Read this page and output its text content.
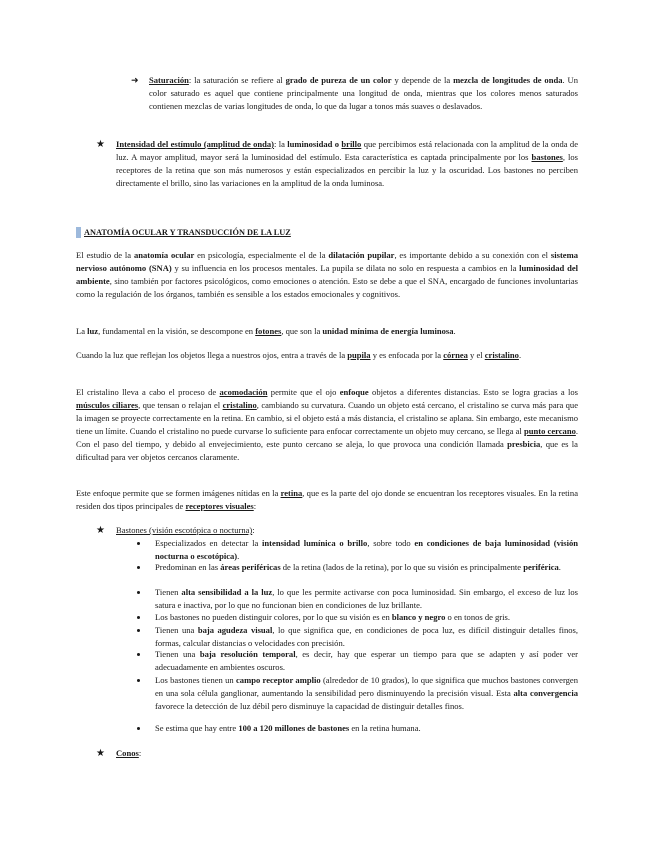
➜ Saturación: la saturación se refiere al grado de pureza de un color y depende de la mezcla de longitudes de onda. Un color saturado es aquel que contiene principalmente una longitud de onda, mientras que los colores menos saturados contienen mezclas de varias longitudes de onda, lo que da lugar a tonos más suaves o deslavados.
★ Intensidad del estímulo (amplitud de onda): la luminosidad o brillo que percibimos está relacionada con la amplitud de la onda de luz. A mayor amplitud, mayor será la luminosidad del estímulo. Esta característica es captada principalmente por los bastones, los receptores de la retina que son más numerosos y están especializados en percibir la luz y la oscuridad. Los bastones no perciben directamente el brillo, sino las variaciones en la amplitud de la onda luminosa.
ANATOMÍA OCULAR Y TRANSDUCCIÓN DE LA LUZ
El estudio de la anatomía ocular en psicología, especialmente el de la dilatación pupilar, es importante debido a su conexión con el sistema nervioso autónomo (SNA) y su influencia en los procesos mentales. La pupila se dilata no solo en respuesta a cambios en la luminosidad del ambiente, sino también por factores psicológicos, como emociones o atención. Esto se debe a que el SNA, encargado de funciones involuntarias como la regulación de los órganos, también es sensible a los estados emocionales y cognitivos.
La luz, fundamental en la visión, se descompone en fotones, que son la unidad mínima de energía luminosa.
Cuando la luz que reflejan los objetos llega a nuestros ojos, entra a través de la pupila y es enfocada por la córnea y el cristalino.
El cristalino lleva a cabo el proceso de acomodación permite que el ojo enfoque objetos a diferentes distancias. Esto se logra gracias a los músculos ciliares, que tensan o relajan el cristalino, cambiando su curvatura. Cuando un objeto está cercano, el cristalino se curva más para que la imagen se proyecte correctamente en la retina. En cambio, si el objeto está a más distancia, el cristalino se aplana. Sin embargo, este mecanismo tiene un límite. Cuando el cristalino no puede curvarse lo suficiente para enfocar correctamente un objeto muy cercano, se llega al punto cercano. Con el paso del tiempo, y debido al envejecimiento, este punto cercano se aleja, lo que provoca una condición llamada presbicia, que es la dificultad para ver objetos cercanos claramente.
Este enfoque permite que se formen imágenes nítidas en la retina, que es la parte del ojo donde se encuentran los receptores visuales. En la retina residen dos tipos principales de receptores visuales:
★ Bastones (visión escotópica o nocturna):
Especializados en detectar la intensidad lumínica o brillo, sobre todo en condiciones de baja luminosidad (visión nocturna o escotópica).
Predominan en las áreas periféricas de la retina (lados de la retina), por lo que su visión es principalmente periférica.
Tienen alta sensibilidad a la luz, lo que les permite activarse con poca luminosidad. Sin embargo, el exceso de luz los satura e inactiva, por lo que no funcionan bien en condiciones de luz brillante.
Los bastones no pueden distinguir colores, por lo que su visión es en blanco y negro o en tonos de gris.
Tienen una baja agudeza visual, lo que significa que, en condiciones de poca luz, es difícil distinguir detalles finos, formas, calcular distancias o velocidades con precisión.
Tienen una baja resolución temporal, es decir, hay que esperar un tiempo para que se adapten y así poder ver adecuadamente en ambientes oscuros.
Los bastones tienen un campo receptor amplio (alrededor de 10 grados), lo que significa que muchos bastones convergen en una sola célula ganglionar, aumentando la sensibilidad pero disminuyendo la precisión visual. Esta alta convergencia favorece la detección de luz débil pero disminuye la capacidad de distinguir detalles finos.
Se estima que hay entre 100 a 120 millones de bastones en la retina humana.
★ Conos:
